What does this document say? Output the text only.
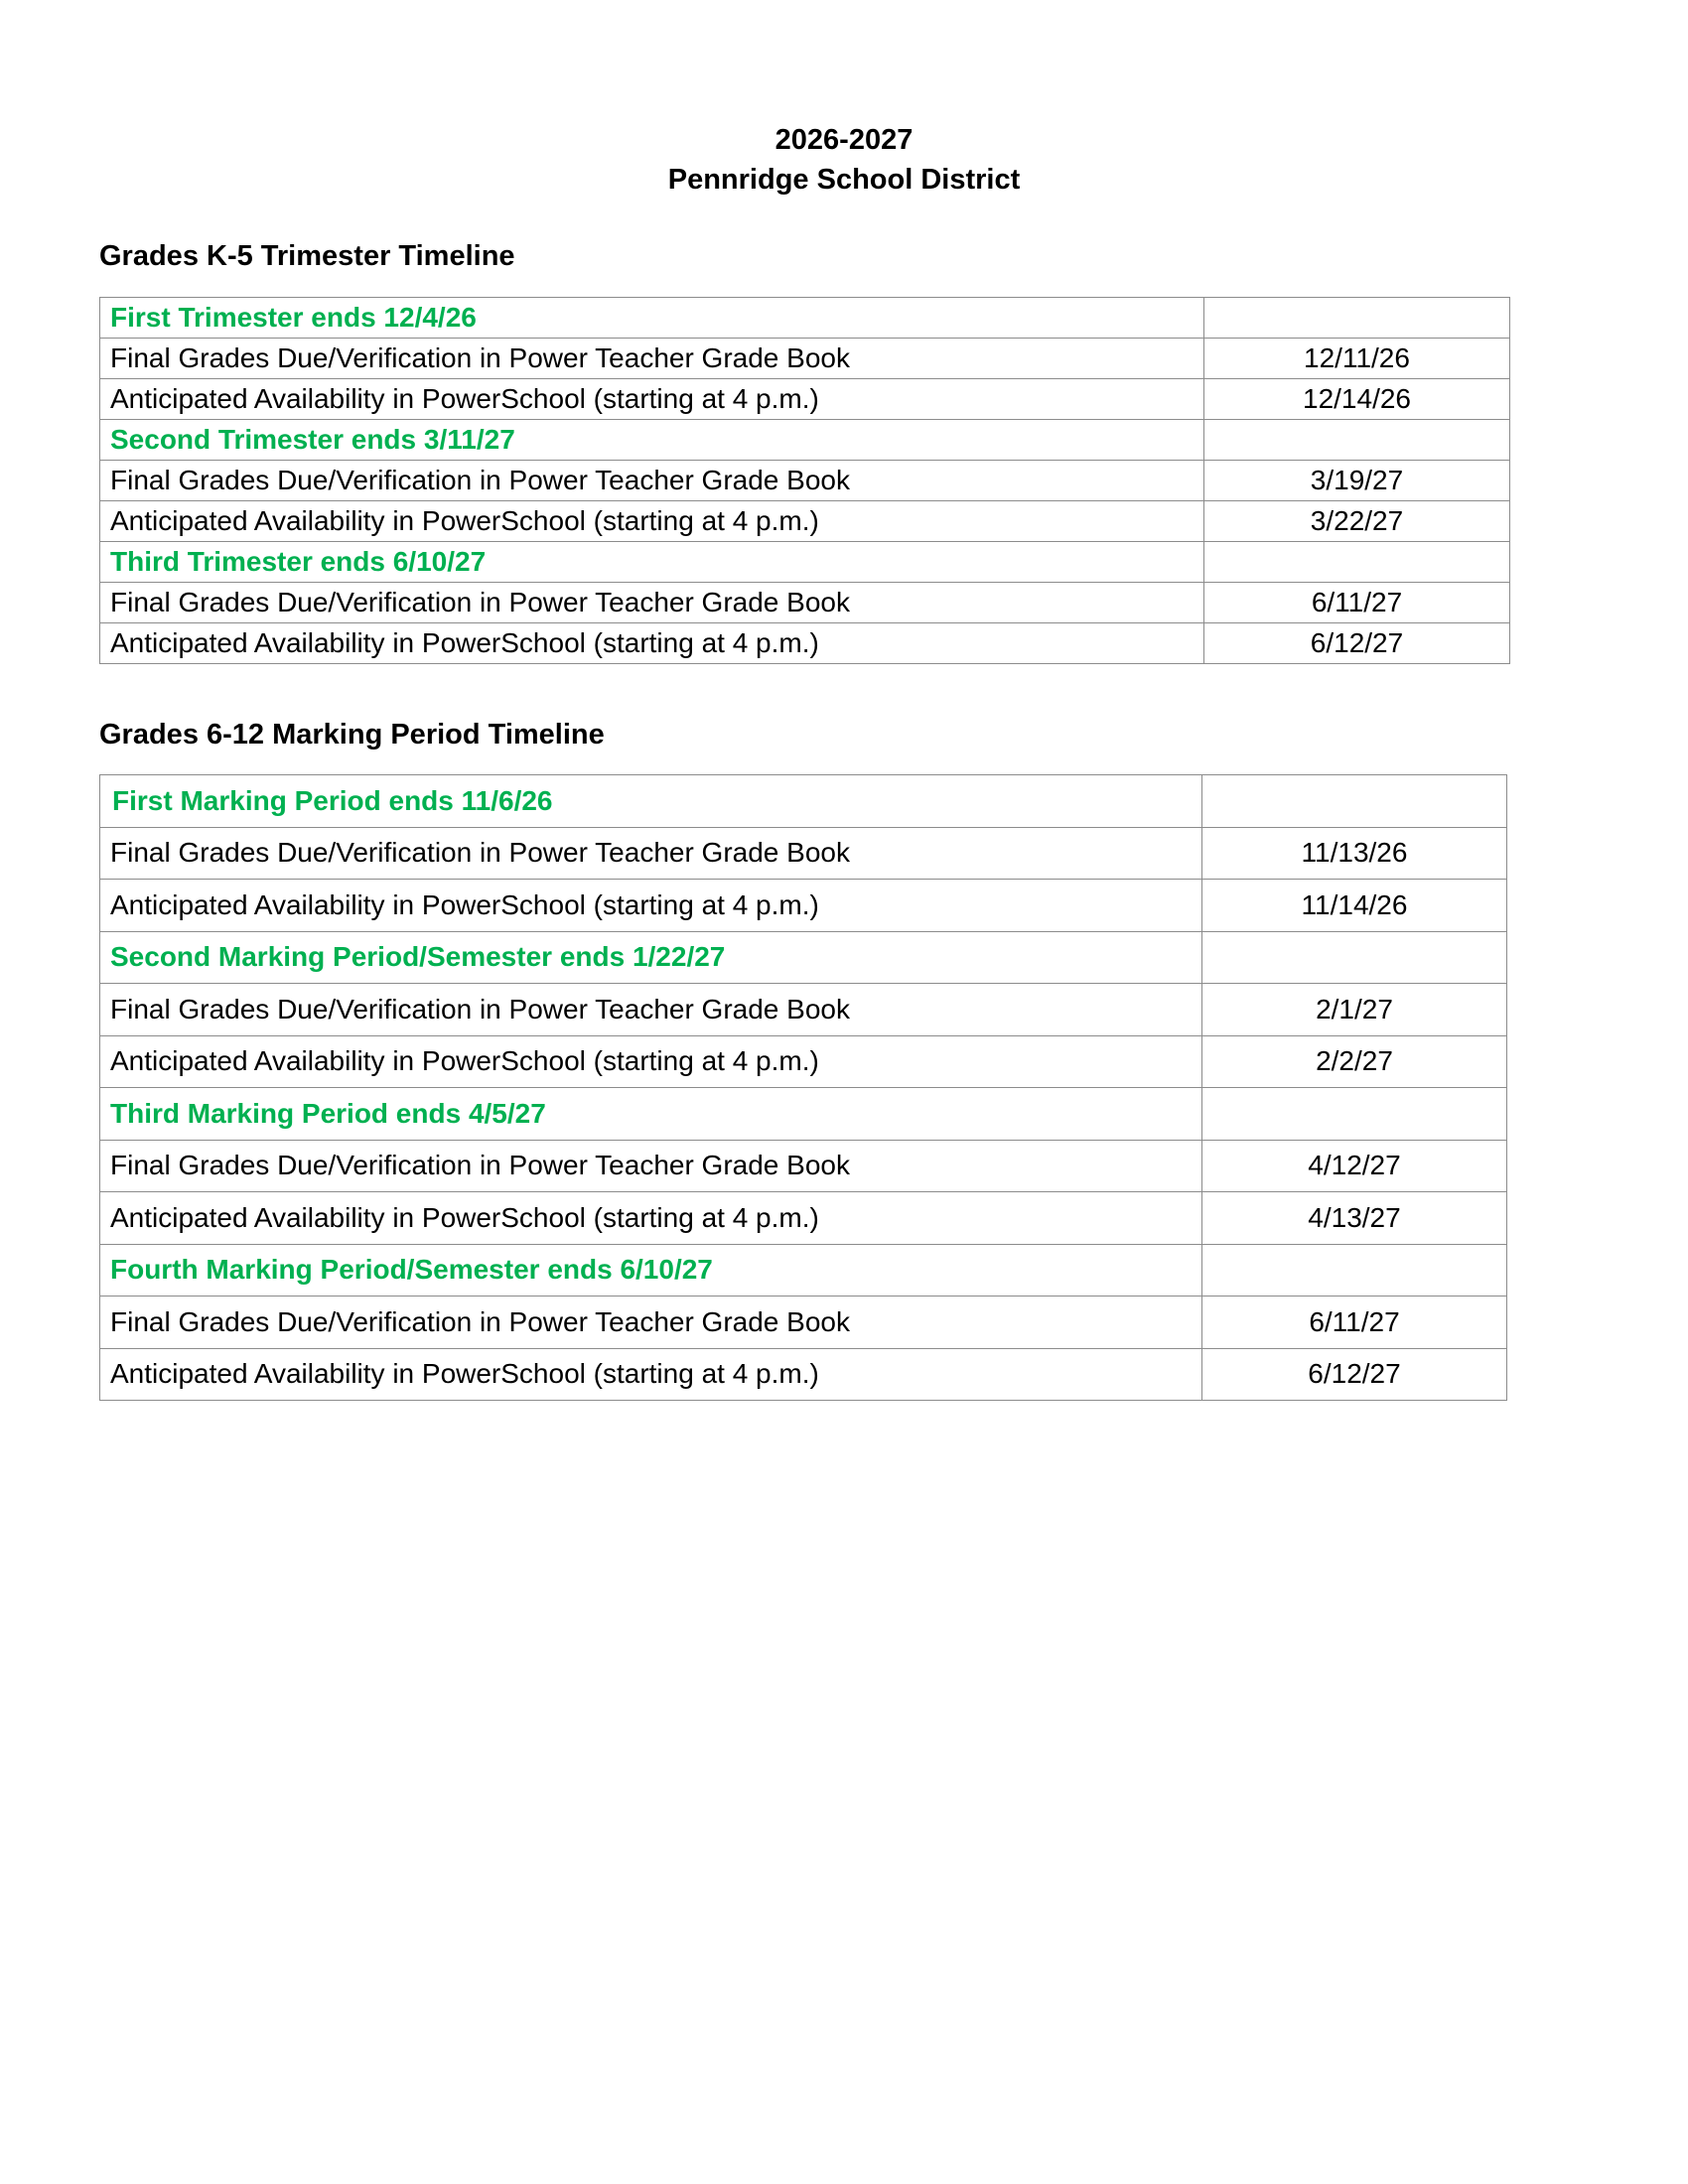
2026-2027
Pennridge School District
Grades K-5 Trimester Timeline
First Trimester ends 12/4/26	
Final Grades Due/Verification in Power Teacher Grade Book	12/11/26
Anticipated Availability in PowerSchool (starting at 4 p.m.)	12/14/26
Second Trimester ends 3/11/27	
Final Grades Due/Verification in Power Teacher Grade Book	3/19/27
Anticipated Availability in PowerSchool (starting at 4 p.m.)	3/22/27
Third Trimester ends 6/10/27	
Final Grades Due/Verification in Power Teacher Grade Book	6/11/27
Anticipated Availability in PowerSchool (starting at 4 p.m.)	6/12/27
Grades 6-12 Marking Period Timeline
First Marking Period ends 11/6/26	
Final Grades Due/Verification in Power Teacher Grade Book	11/13/26
Anticipated Availability in PowerSchool (starting at 4 p.m.)	11/14/26
Second Marking Period/Semester ends 1/22/27	
Final Grades Due/Verification in Power Teacher Grade Book	2/1/27
Anticipated Availability in PowerSchool (starting at 4 p.m.)	2/2/27
Third Marking Period ends 4/5/27	
Final Grades Due/Verification in Power Teacher Grade Book	4/12/27
Anticipated Availability in PowerSchool (starting at 4 p.m.)	4/13/27
Fourth Marking Period/Semester ends 6/10/27	
Final Grades Due/Verification in Power Teacher Grade Book	6/11/27
Anticipated Availability in PowerSchool (starting at 4 p.m.)	6/12/27
